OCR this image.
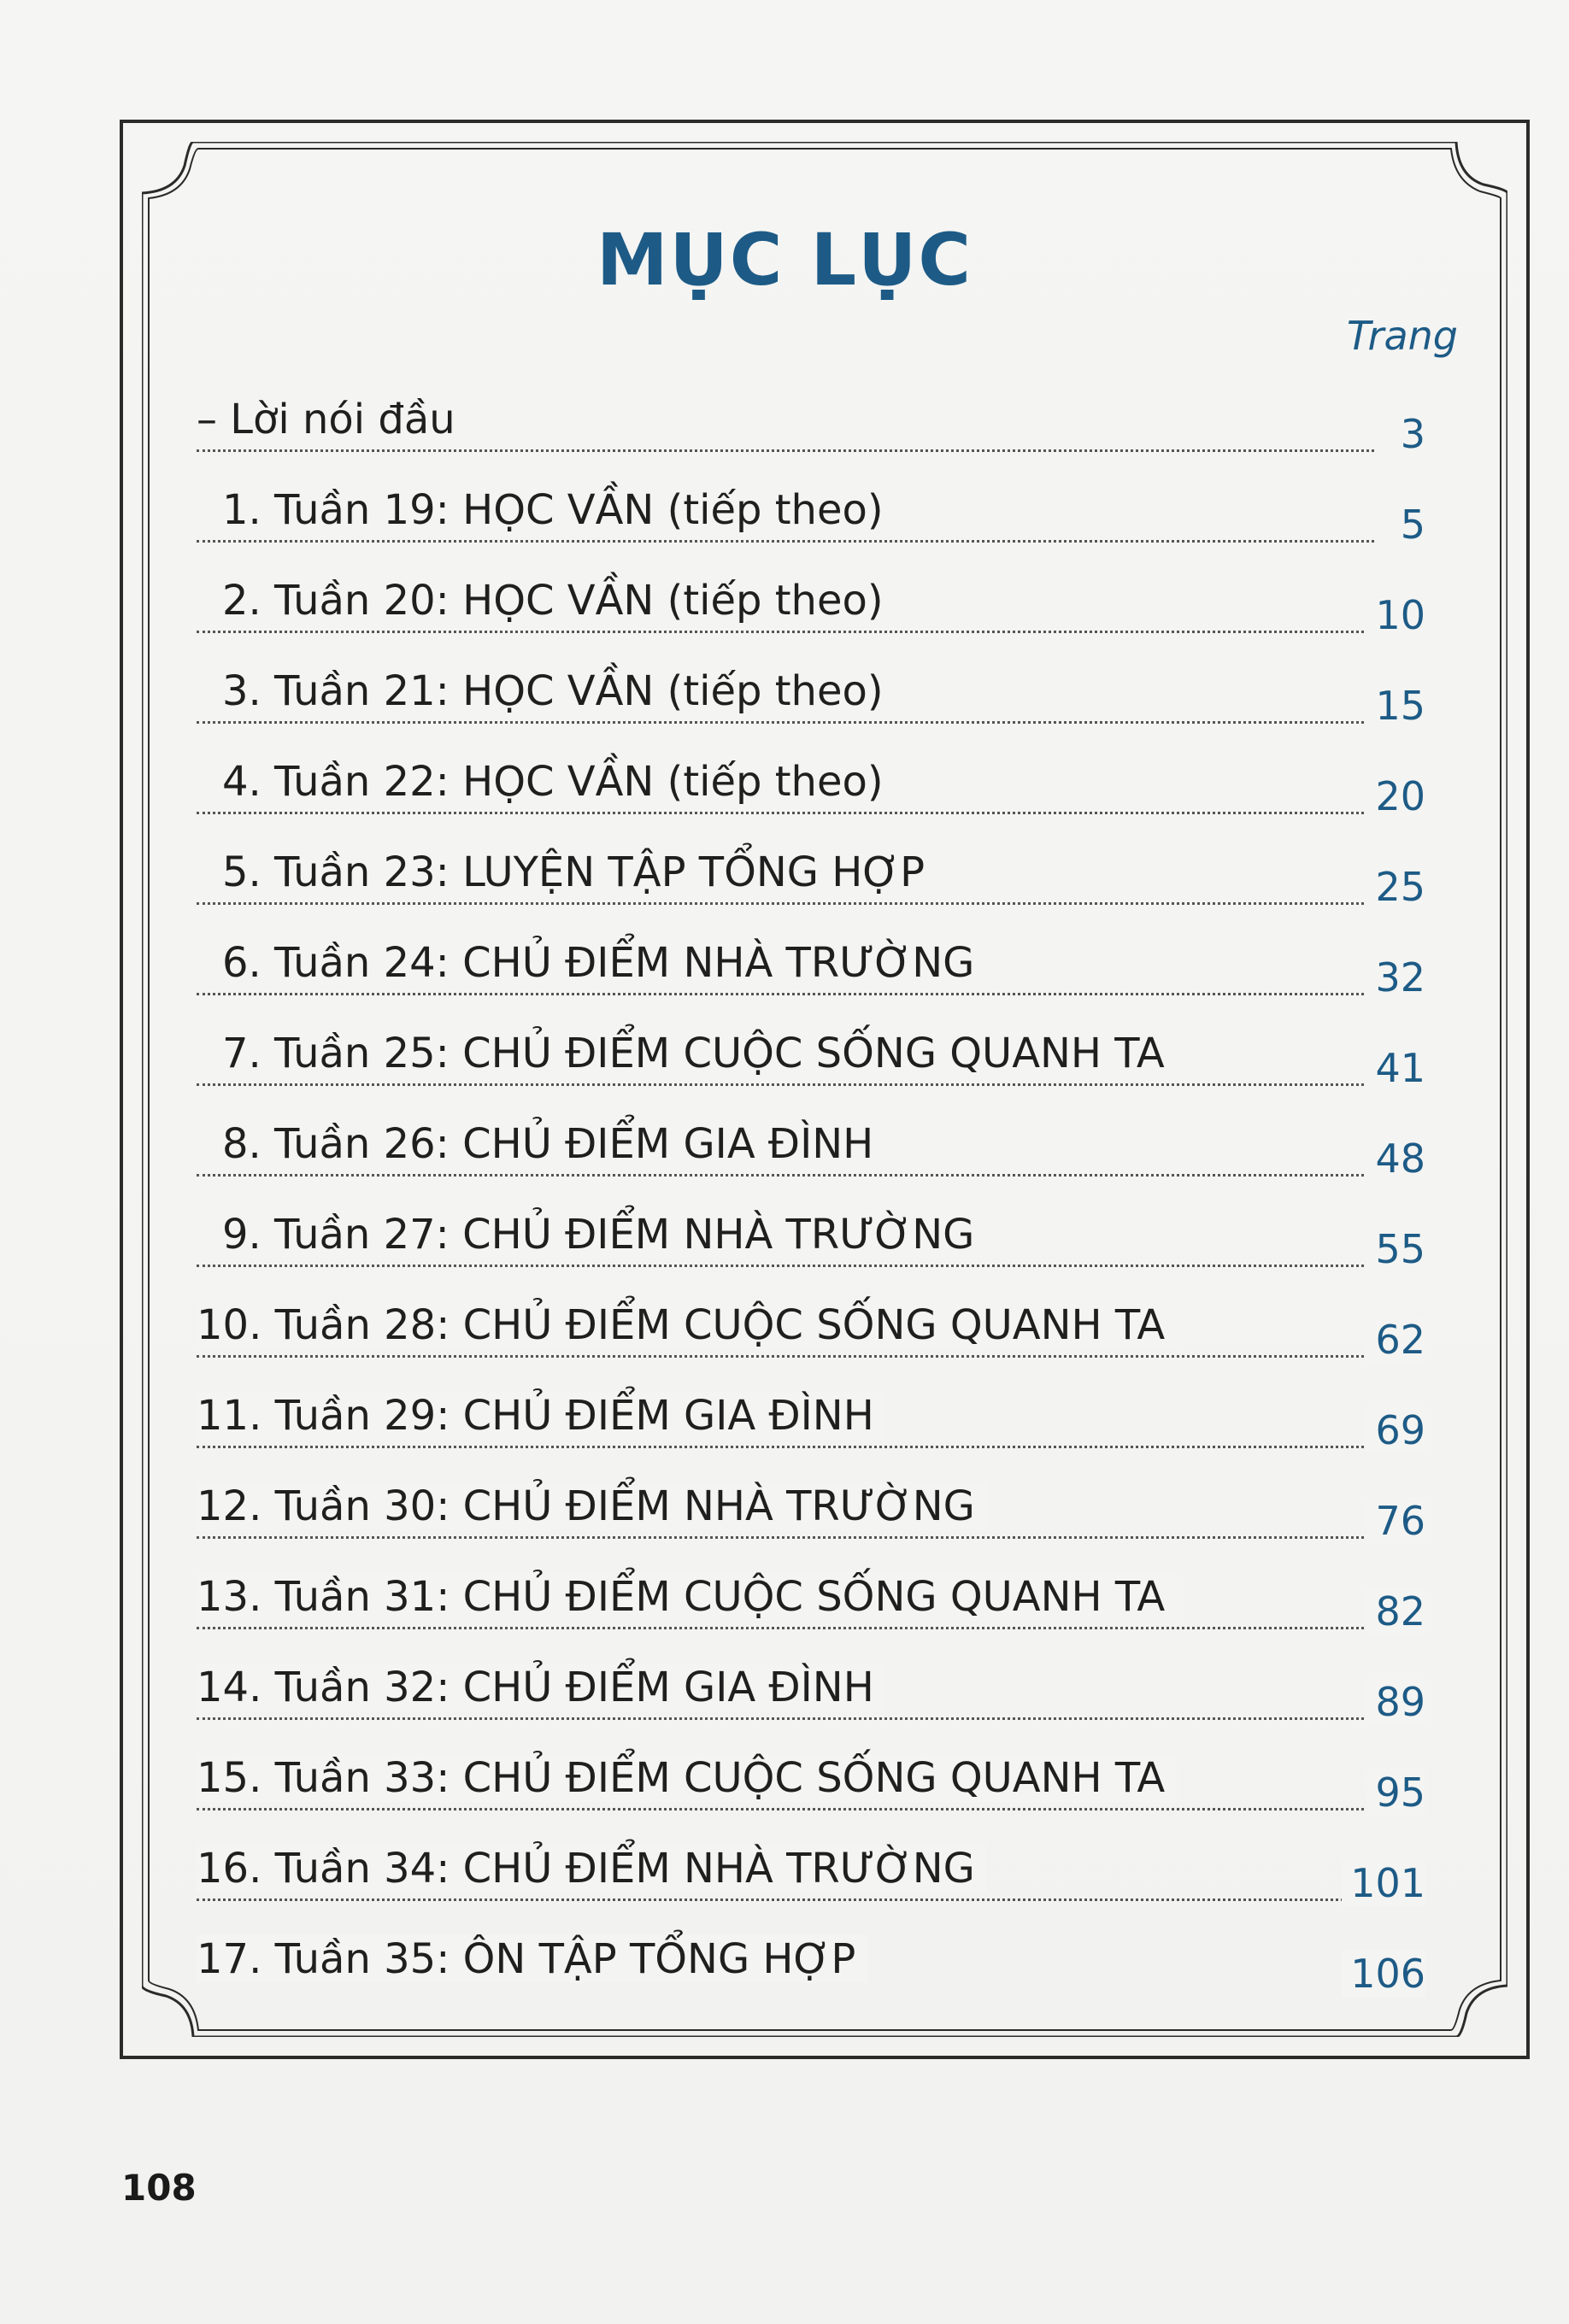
MỤC LỤC
Trang
– Lời nói đầu	3
1. Tuần 19: HỌC VẦN (tiếp theo)	5
2. Tuần 20: HỌC VẦN (tiếp theo)	10
3. Tuần 21: HỌC VẦN (tiếp theo)	15
4. Tuần 22: HỌC VẦN (tiếp theo)	20
5. Tuần 23: LUYỆN TẬP TỔNG HỢP	25
6. Tuần 24: CHỦ ĐIỂM NHÀ TRƯỜNG	32
7. Tuần 25: CHỦ ĐIỂM CUỘC SỐNG QUANH TA	41
8. Tuần 26: CHỦ ĐIỂM GIA ĐÌNH	48
9. Tuần 27: CHỦ ĐIỂM NHÀ TRƯỜNG	55
10. Tuần 28: CHỦ ĐIỂM CUỘC SỐNG QUANH TA	62
11. Tuần 29: CHỦ ĐIỂM GIA ĐÌNH	69
12. Tuần 30: CHỦ ĐIỂM NHÀ TRƯỜNG	76
13. Tuần 31: CHỦ ĐIỂM CUỘC SỐNG QUANH TA	82
14. Tuần 32: CHỦ ĐIỂM GIA ĐÌNH	89
15. Tuần 33: CHỦ ĐIỂM CUỘC SỐNG QUANH TA	95
16. Tuần 34: CHỦ ĐIỂM NHÀ TRƯỜNG	101
17. Tuần 35: ÔN TẬP TỔNG HỢP	106
108
